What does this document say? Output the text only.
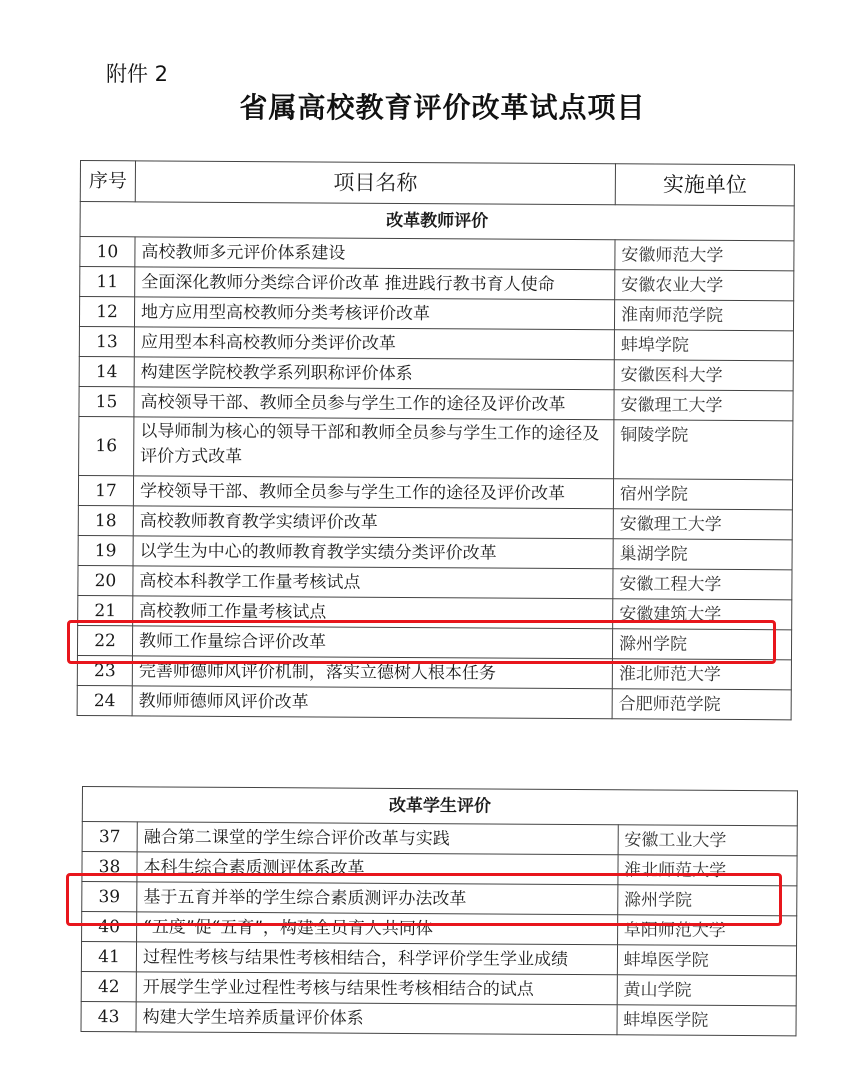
附件 2
省属高校教育评价改革试点项目
序号	项目名称	实施单位
改革教师评价		
10	高校教师多元评价体系建设	安徽师范大学
11	全面深化教师分类综合评价改革 推进践行教书育人使命	安徽农业大学
12	地方应用型高校教师分类考核评价改革	淮南师范学院
13	应用型本科高校教师分类评价改革	蚌埠学院
14	构建医学院校教学系列职称评价体系	安徽医科大学
15	高校领导干部、教师全员参与学生工作的途径及评价改革	安徽理工大学
16	以导师制为核心的领导干部和教师全员参与学生工作的途径及评价方式改革	铜陵学院
17	学校领导干部、教师全员参与学生工作的途径及评价改革	宿州学院
18	高校教师教育教学实绩评价改革	安徽理工大学
19	以学生为中心的教师教育教学实绩分类评价改革	巢湖学院
20	高校本科教学工作量考核试点	安徽工程大学
21	高校教师工作量考核试点	安徽建筑大学
22	教师工作量综合评价改革	滁州学院
23	完善师德师风评价机制，落实立德树人根本任务	淮北师范大学
24	教师师德师风评价改革	合肥师范学院
改革学生评价		
37	融合第二课堂的学生综合评价改革与实践	安徽工业大学
38	本科生综合素质测评体系改革	淮北师范大学
39	基于五育并举的学生综合素质测评办法改革	滁州学院
40	“五度”促“五育”，构建全员育人共同体	阜阳师范大学
41	过程性考核与结果性考核相结合，科学评价学生学业成绩	蚌埠医学院
42	开展学生学业过程性考核与结果性考核相结合的试点	黄山学院
43	构建大学生培养质量评价体系	蚌埠医学院
